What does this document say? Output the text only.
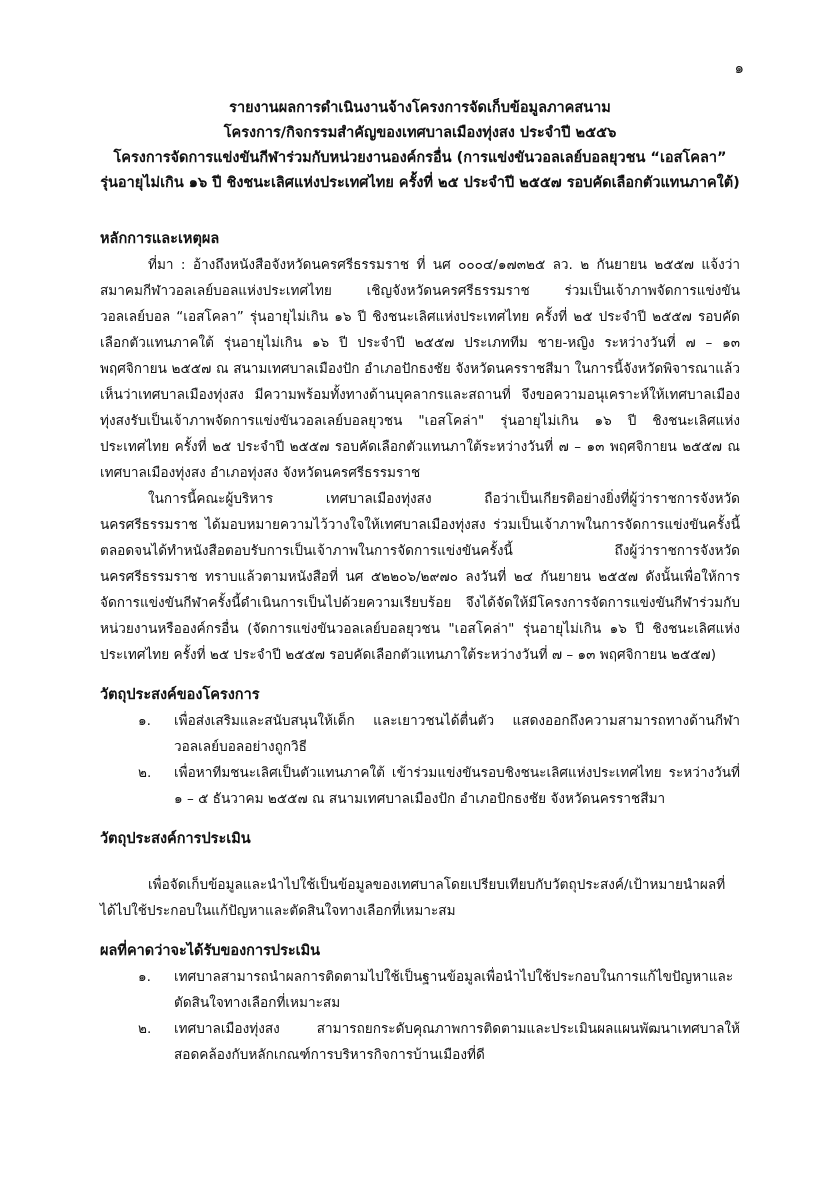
๑
รายงานผลการดำเนินงานจ้างโครงการจัดเก็บข้อมูลภาคสนาม
โครงการ/กิจกรรมสำคัญของเทศบาลเมืองทุ่งสง ประจำปี ๒๕๕๖
โครงการจัดการแข่งขันกีฬาร่วมกับหน่วยงานองค์กรอื่น (การแข่งขันวอลเลย์บอลยุวชน “เอสโคลา”
รุ่นอายุไม่เกิน ๑๖ ปี ชิงชนะเลิศแห่งประเทศไทย ครั้งที่ ๒๕ ประจำปี ๒๕๕๗ รอบคัดเลือกตัวแทนภาคใต้)
หลักการและเหตุผล

ที่มา : อ้างถึงหนังสือจังหวัดนครศรีธรรมราช ที่ นศ ๐๐๐๔/๑๗๓๒๕ ลว. ๒ กันยายน ๒๕๕๗ แจ้งว่าสมาคมกีฬาวอลเลย์บอลแห่งประเทศไทย เชิญจังหวัดนครศรีธรรมราช ร่วมเป็นเจ้าภาพจัดการแข่งขันวอลเลย์บอล “เอสโคลา” รุ่นอายุไม่เกิน ๑๖ ปี ชิงชนะเลิศแห่งประเทศไทย ครั้งที่ ๒๕ ประจำปี ๒๕๕๗ รอบคัดเลือกตัวแทนภาคใต้ รุ่นอายุไม่เกิน ๑๖ ปี ประจำปี ๒๕๕๗ ประเภททีม ชาย-หญิง ระหว่างวันที่ ๗ – ๑๓ พฤศจิกายน ๒๕๕๗ ณ สนามเทศบาลเมืองปัก อำเภอปักธงชัย จังหวัดนครราชสีมา ในการนี้จังหวัดพิจารณาแล้วเห็นว่าเทศบาลเมืองทุ่งสง มีความพร้อมทั้งทางด้านบุคลากรและสถานที่ จึงขอความอนุเคราะห์ให้เทศบาลเมืองทุ่งสงรับเป็นเจ้าภาพจัดการแข่งขันวอลเลย์บอลยุวชน "เอสโคล่า" รุ่นอายุไม่เกิน ๑๖ ปี ชิงชนะเลิศแห่งประเทศไทย ครั้งที่ ๒๕ ประจำปี ๒๕๕๗ รอบคัดเลือกตัวแทนภาใต้ระหว่างวันที่ ๗ – ๑๓ พฤศจิกายน ๒๕๕๗ ณ เทศบาลเมืองทุ่งสง อำเภอทุ่งสง จังหวัดนครศรีธรรมราช

ในการนี้คณะผู้บริหาร เทศบาลเมืองทุ่งสง ถือว่าเป็นเกียรติอย่างยิ่งที่ผู้ว่าราชการจังหวัดนครศรีธรรมราช ได้มอบหมายความไว้วางใจให้เทศบาลเมืองทุ่งสง ร่วมเป็นเจ้าภาพในการจัดการแข่งขันครั้งนี้ ตลอดจนได้ทำหนังสือตอบรับการเป็นเจ้าภาพในการจัดการแข่งขันครั้งนี้ ถึงผู้ว่าราชการจังหวัดนครศรีธรรมราช ทราบแล้วตามหนังสือที่ นศ ๕๒๒๐๖/๒๙๗๐ ลงวันที่ ๒๔ กันยายน ๒๕๕๗ ดังนั้นเพื่อให้การจัดการแข่งขันกีฬาครั้งนี้ดำเนินการเป็นไปด้วยความเรียบร้อย จึงได้จัดให้มีโครงการจัดการแข่งขันกีฬาร่วมกับหน่วยงานหรือองค์กรอื่น (จัดการแข่งขันวอลเลย์บอลยุวชน "เอสโคล่า" รุ่นอายุไม่เกิน ๑๖ ปี ชิงชนะเลิศแห่งประเทศไทย ครั้งที่ ๒๕ ประจำปี ๒๕๕๗ รอบคัดเลือกตัวแทนภาใต้ระหว่างวันที่ ๗ – ๑๓ พฤศจิกายน ๒๕๕๗)

วัตถุประสงค์ของโครงการ
๑. เพื่อส่งเสริมและสนับสนุนให้เด็ก และเยาวชนได้ตื่นตัว แสดงออกถึงความสามารถทางด้านกีฬาวอลเลย์บอลอย่างถูกวิธี
๒. เพื่อหาทีมชนะเลิศเป็นตัวแทนภาคใต้ เข้าร่วมแข่งขันรอบชิงชนะเลิศแห่งประเทศไทย ระหว่างวันที่ ๑ – ๕ ธันวาคม ๒๕๕๗ ณ สนามเทศบาลเมืองปัก อำเภอปักธงชัย จังหวัดนครราชสีมา
วัตถุประสงค์การประเมิน

เพื่อจัดเก็บข้อมูลและนำไปใช้เป็นข้อมูลของเทศบาลโดยเปรียบเทียบกับวัตถุประสงค์/เป้าหมายนำผลที่ได้ไปใช้ประกอบในแก้ปัญหาและตัดสินใจทางเลือกที่เหมาะสม

ผลที่คาดว่าจะได้รับของการประเมิน
๑. เทศบาลสามารถนำผลการติดตามไปใช้เป็นฐานข้อมูลเพื่อนำไปใช้ประกอบในการแก้ไขปัญหาและตัดสินใจทางเลือกที่เหมาะสม
๒. เทศบาลเมืองทุ่งสง สามารถยกระดับคุณภาพการติดตามและประเมินผลแผนพัฒนาเทศบาลให้สอดคล้องกับหลักเกณฑ์การบริหารกิจการบ้านเมืองที่ดี
